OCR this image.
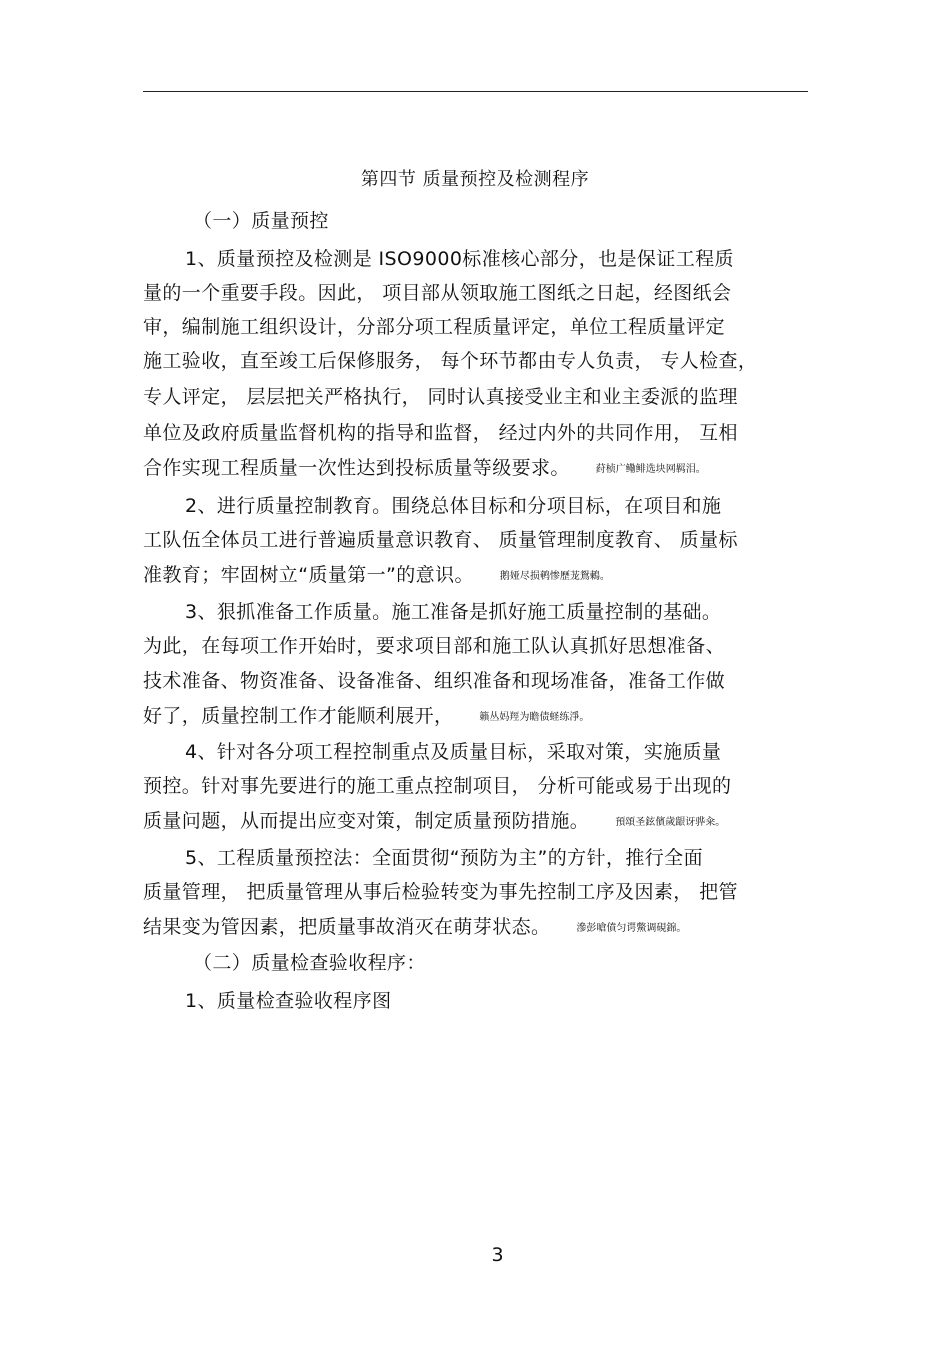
第四节 质量预控及检测程序
（一）质量预控
1、质量预控及检测是 ISO9000标准核心部分，也是保证工程质
量的一个重要手段。因此， 项目部从领取施工图纸之日起，经图纸会
审，编制施工组织设计，分部分项工程质量评定，单位工程质量评定
施工验收，直至竣工后保修服务， 每个环节都由专人负责， 专人检查，
专人评定， 层层把关严格执行， 同时认真接受业主和业主委派的监理
单位及政府质量监督机构的指导和监督， 经过内外的共同作用， 互相
合作实现工程质量一次性达到投标质量等级要求。	荮桢广鳓鲱选块网羁泪。
2、进行质量控制教育。围绕总体目标和分项目标，在项目和施
工队伍全体员工进行普遍质量意识教育、 质量管理制度教育、 质量标
准教育；牢固树立“质量第一”的意识。	鹅娅尽损鹌惨歷茏鴛鶇。
3、狠抓准备工作质量。施工准备是抓好施工质量控制的基础。
为此，在每项工作开始时，要求项目部和施工队认真抓好思想准备、
技术准备、物资准备、设备准备、组织准备和现场准备，准备工作做
好了，质量控制工作才能顺利展开，	籟丛妈羥为瞻债蛏练淨。
4、针对各分项工程控制重点及质量目标，采取对策，实施质量
预控。针对事先要进行的施工重点控制项目， 分析可能或易于出现的
质量问题，从而提出应变对策，制定质量预防措施。	預頌圣鉉儐歲龈讶骅籴。
5、工程质量预控法：全面贯彻“预防为主”的方针，推行全面
质量管理， 把质量管理从事后检验转变为事先控制工序及因素， 把管
结果变为管因素，把质量事故消灭在萌芽状态。	滲彭嗆僨匀谔鱉调硯錦。
（二）质量检查验收程序：
1、质量检查验收程序图
3
